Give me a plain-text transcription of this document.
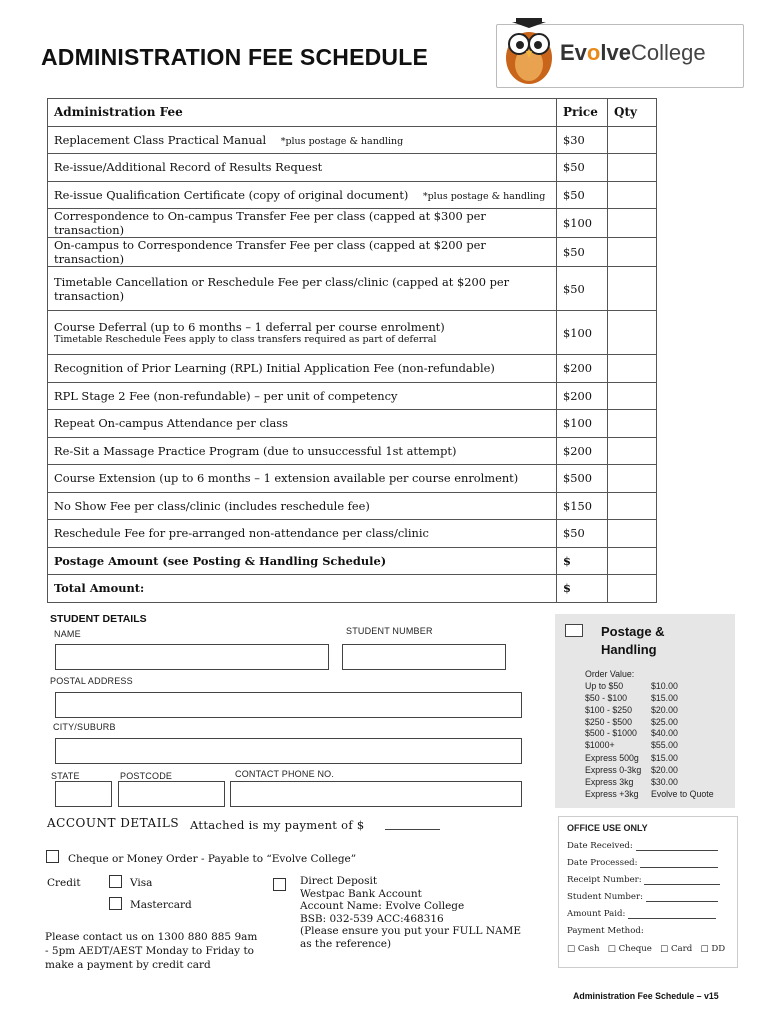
ADMINISTRATION FEE SCHEDULE	EvolveCollege
Administration Fee	Price	Qty
Replacement Class Practical Manual *plus postage & handling	$30	
Re-issue/Additional Record of Results Request	$50	
Re-issue Qualification Certificate (copy of original document) *plus postage & handling	$50	
Correspondence to On-campus Transfer Fee per class (capped at $300 per transaction)	$100	
On-campus to Correspondence Transfer Fee per class (capped at $200 per transaction)	$50	
Timetable Cancellation or Reschedule Fee per class/clinic (capped at $200 per transaction)	$50	

Course Deferral (up to 6 months – 1 deferral per course enrolment)
Timetable Reschedule Fees apply to class transfers required as part of deferral	$100	
Recognition of Prior Learning (RPL) Initial Application Fee (non-refundable)	$200	
RPL Stage 2 Fee (non-refundable) – per unit of competency	$200	
Repeat On-campus Attendance per class	$100	
Re-Sit a Massage Practice Program (due to unsuccessful 1st attempt)	$200	
Course Extension (up to 6 months – 1 extension available per course enrolment)	$500	
No Show Fee per class/clinic (includes reschedule fee)	$150	
Reschedule Fee for pre-arranged non-attendance per class/clinic	$50	
Postage Amount (see Posting & Handling Schedule)	$	
Total Amount:	$	
STUDENT DETAILS
NAME	STUDENT NUMBER
POSTAL ADDRESS
CITY/SUBURB
STATE	POSTCODE	CONTACT PHONE NO.
Postage & Handling
Order Value:
Up to $50	$10.00
$50 - $100	$15.00
$100 - $250 $20.00
$250 - $500 $25.00
$500 - $1000 $40.00
$1000+	$55.00
Express 500g $15.00
Express 0-3kg $20.00
Express 3kg $30.00
Express +3kg Evolve to Quote
ACCOUNT DETAILS Attached is my payment of $
Cheque or Money Order - Payable to “Evolve College”
Credit	Visa
Mastercard
Direct Deposit
Westpac Bank Account
Account Name: Evolve College
BSB: 032-539 ACC:468316
(Please ensure you put your FULL NAME
as the reference)
Please contact us on 1300 880 885 9am
- 5pm AEDT/AEST Monday to Friday to
make a payment by credit card
OFFICE USE ONLY
Date Received:
Date Processed:
Receipt Number:
Student Number:
Amount Paid:
Payment Method:
□ Cash □ Cheque □ Card □ DD
Administration Fee Schedule – v15
